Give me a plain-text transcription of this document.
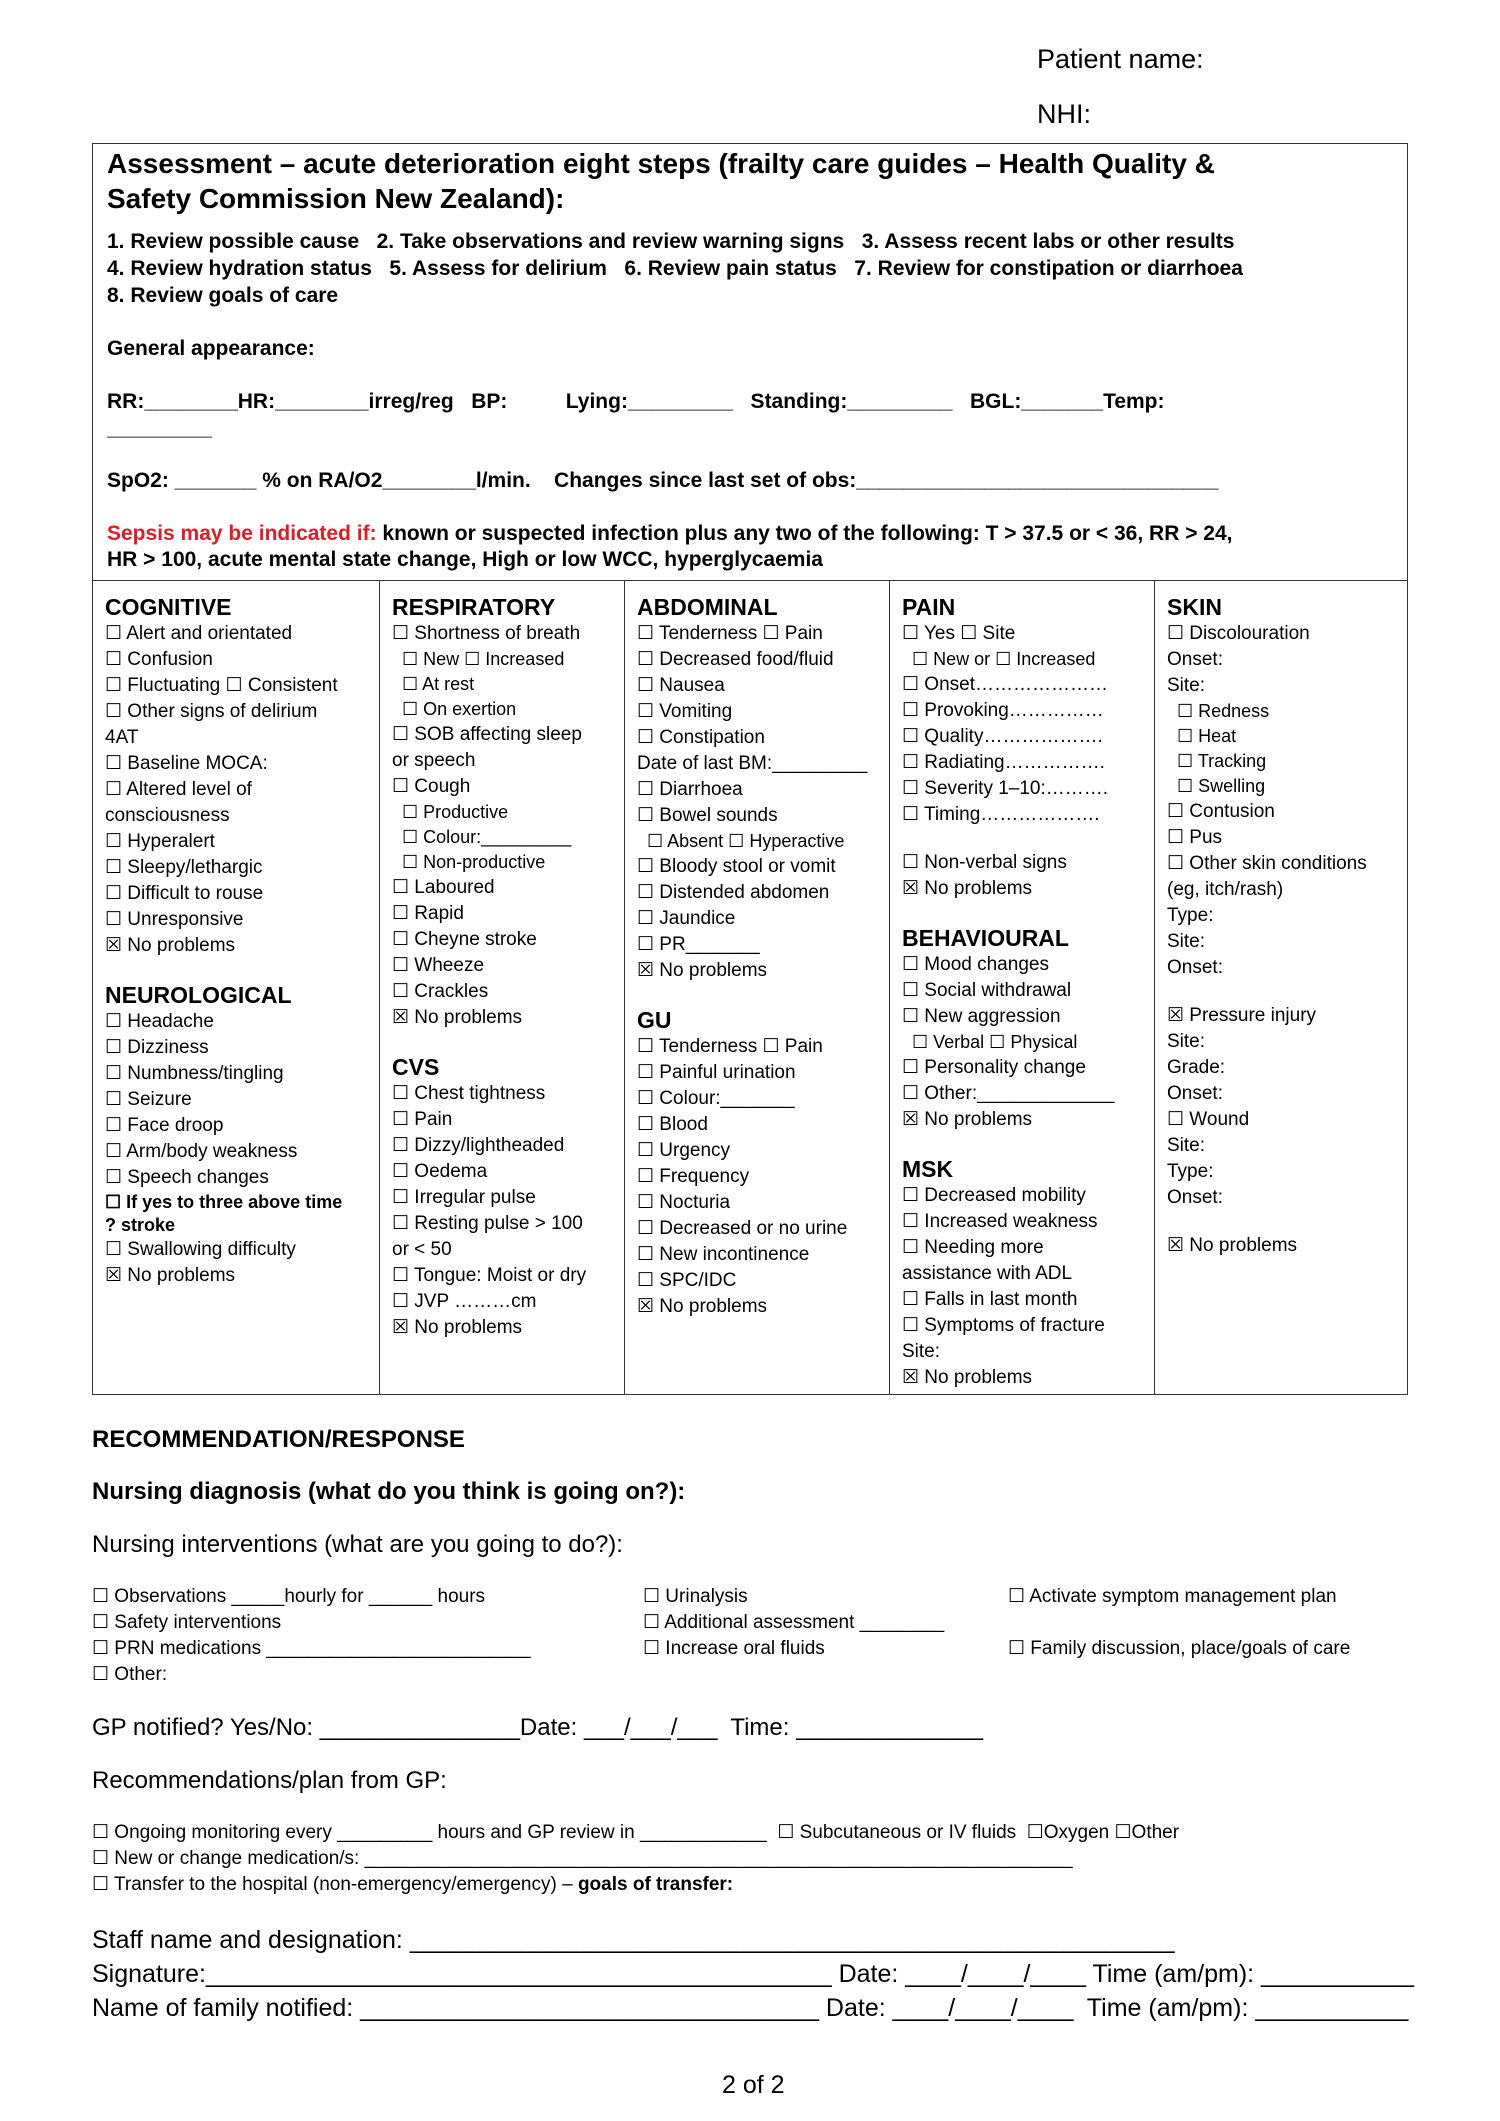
Patient name:
NHI:
Assessment – acute deterioration eight steps (frailty care guides – Health Quality &
Safety Commission New Zealand):
1. Review possible cause   2. Take observations and review warning signs   3. Assess recent labs or other results
4. Review hydration status   5. Assess for delirium   6. Review pain status   7. Review for constipation or diarrhoea
8. Review goals of care
General appearance:
RR:________HR:________irreg/reg   BP:          Lying:_________   Standing:_________   BGL:_______Temp:
_________
SpO2: _______ % on RA/O2________l/min.    Changes since last set of obs:_______________________________
Sepsis may be indicated if: known or suspected infection plus any two of the following: T > 37.5 or < 36, RR > 24,
HR > 100, acute mental state change, High or low WCC, hyperglycaemia
COGNITIVE
☐ Alert and orientated
☐ Confusion
☐ Fluctuating ☐ Consistent
☐ Other signs of delirium
4AT
☐ Baseline MOCA:
☐ Altered level of
consciousness
☐ Hyperalert
☐ Sleepy/lethargic
☐ Difficult to rouse
☐ Unresponsive
☒ No problems
NEUROLOGICAL
☐ Headache
☐ Dizziness
☐ Numbness/tingling
☐ Seizure
☐ Face droop
☐ Arm/body weakness
☐ Speech changes
☐ If yes to three above time
? stroke
☐ Swallowing difficulty
☒ No problems
RESPIRATORY
☐ Shortness of breath
☐ New ☐ Increased
☐ At rest
☐ On exertion
☐ SOB affecting sleep
or speech
☐ Cough
☐ Productive
☐ Colour:_________
☐ Non-productive
☐ Laboured
☐ Rapid
☐ Cheyne stroke
☐ Wheeze
☐ Crackles
☒ No problems
CVS
☐ Chest tightness
☐ Pain
☐ Dizzy/lightheaded
☐ Oedema
☐ Irregular pulse
☐ Resting pulse > 100
or < 50
☐ Tongue: Moist or dry
☐ JVP ………cm
☒ No problems
ABDOMINAL
☐ Tenderness ☐ Pain
☐ Decreased food/fluid
☐ Nausea
☐ Vomiting
☐ Constipation
Date of last BM:_________
☐ Diarrhoea
☐ Bowel sounds
☐ Absent ☐ Hyperactive
☐ Bloody stool or vomit
☐ Distended abdomen
☐ Jaundice
☐ PR_______
☒ No problems
GU
☐ Tenderness ☐ Pain
☐ Painful urination
☐ Colour:_______
☐ Blood
☐ Urgency
☐ Frequency
☐ Nocturia
☐ Decreased or no urine
☐ New incontinence
☐ SPC/IDC
☒ No problems
PAIN
☐ Yes ☐ Site
☐ New or ☐ Increased
☐ Onset…………………
☐ Provoking……………
☐ Quality……………….
☐ Radiating…………….
☐ Severity 1–10:……….
☐ Timing……………….
☐ Non-verbal signs
☒ No problems
BEHAVIOURAL
☐ Mood changes
☐ Social withdrawal
☐ New aggression
☐ Verbal ☐ Physical
☐ Personality change
☐ Other:_____________
☒ No problems
MSK
☐ Decreased mobility
☐ Increased weakness
☐ Needing more
assistance with ADL
☐ Falls in last month
☐ Symptoms of fracture
Site:
☒ No problems
SKIN
☐ Discolouration
Onset:
Site:
☐ Redness
☐ Heat
☐ Tracking
☐ Swelling
☐ Contusion
☐ Pus
☐ Other skin conditions
(eg, itch/rash)
Type:
Site:
Onset:
☒ Pressure injury
Site:
Grade:
Onset:
☐ Wound
Site:
Type:
Onset:
☒ No problems
RECOMMENDATION/RESPONSE
Nursing diagnosis (what do you think is going on?):
Nursing interventions (what are you going to do?):
☐ Observations _____hourly for ______ hours
☐ Safety interventions
☐ PRN medications _________________________
☐ Other:
☐ Urinalysis
☐ Additional assessment ________
☐ Increase oral fluids
☐ Activate symptom management plan
☐ Family discussion, place/goals of care
GP notified? Yes/No: _______________Date: ___/___/___  Time: ______________
Recommendations/plan from GP:
☐ Ongoing monitoring every _________ hours and GP review in ____________  ☐ Subcutaneous or IV fluids  ☐Oxygen ☐Other
☐ New or change medication/s: ___________________________________________________________________
☐ Transfer to the hospital (non-emergency/emergency) – goals of transfer:
Staff name and designation: _______________________________________________________
Signature:_____________________________________________ Date: ____/____/____ Time (am/pm): ___________
Name of family notified: _________________________________ Date: ____/____/____  Time (am/pm): ___________
2 of 2
